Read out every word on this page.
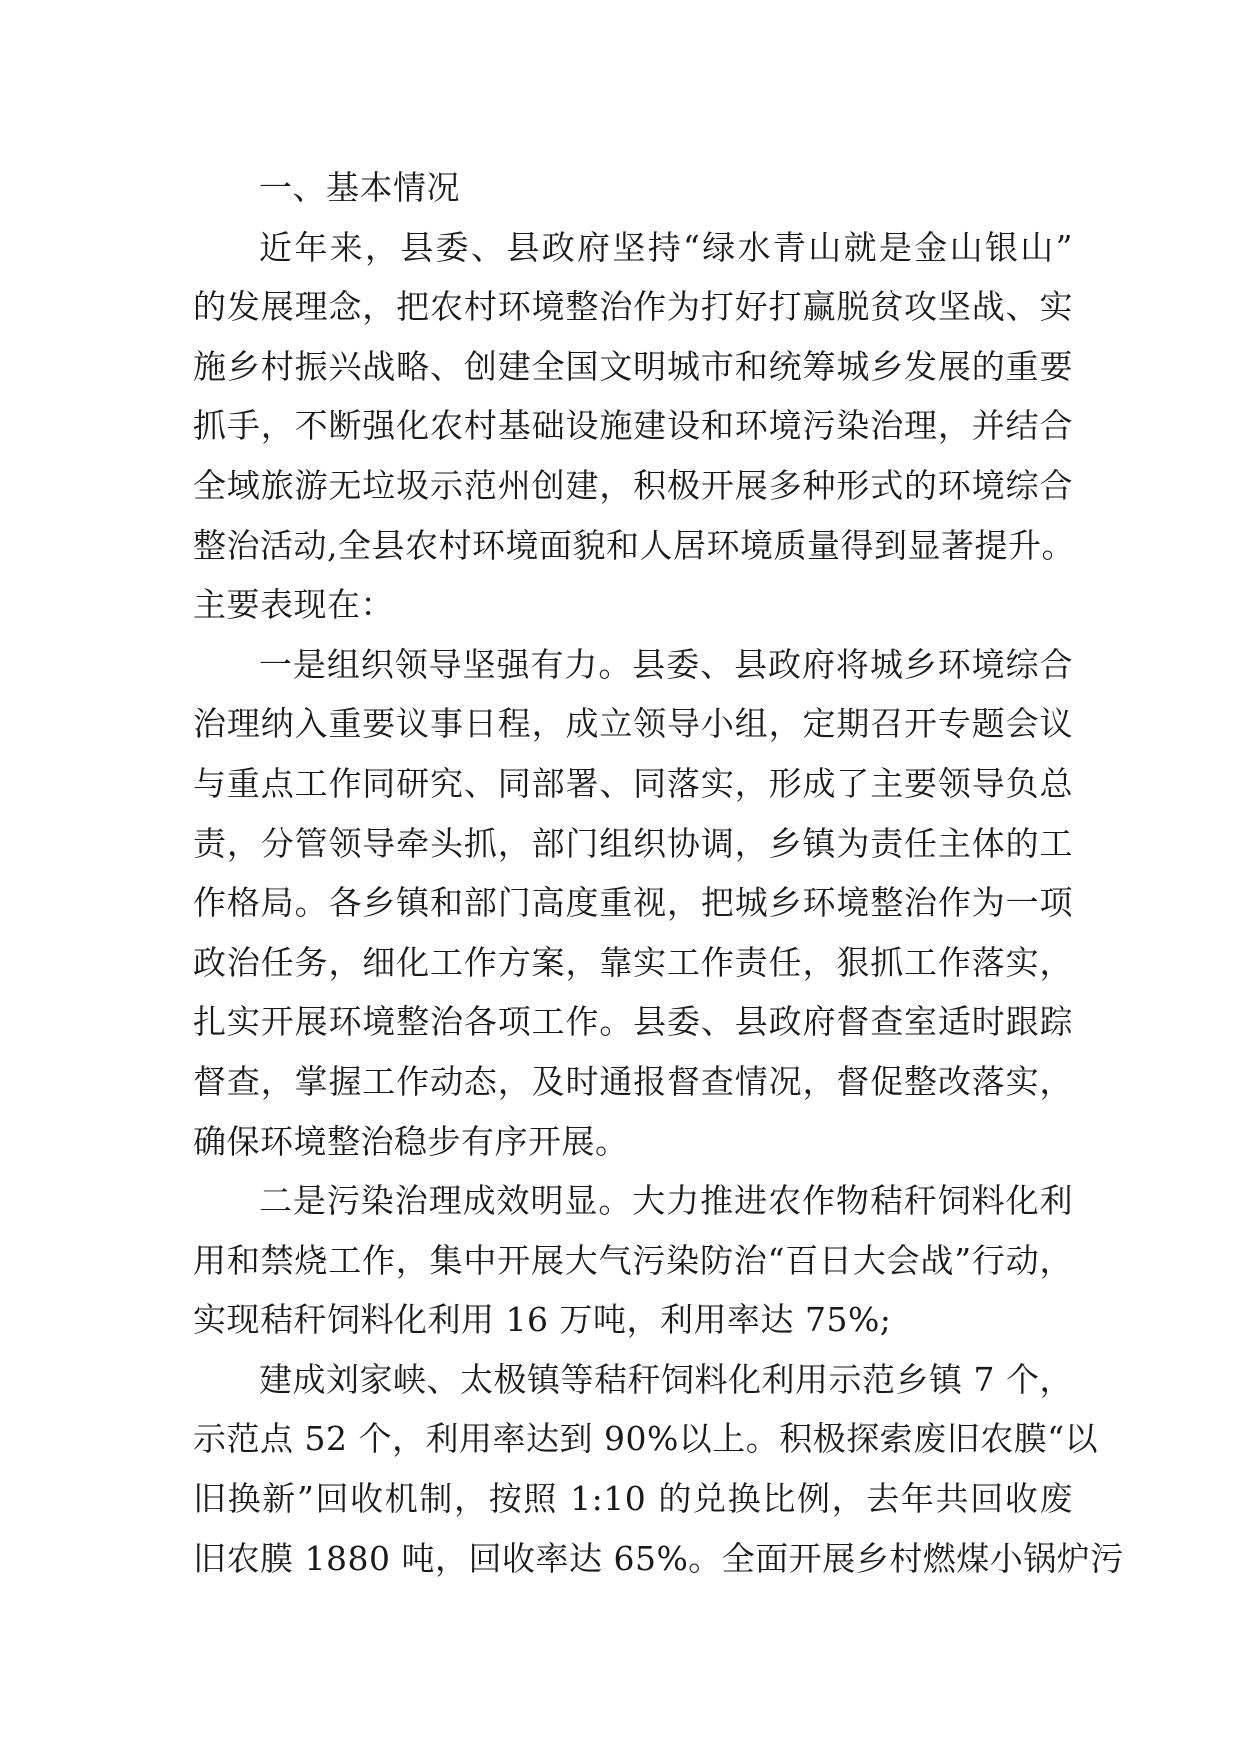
一、基本情况
近年来，县委、县政府坚持“绿水青山就是金山银山”
的发展理念，把农村环境整治作为打好打赢脱贫攻坚战、实
施乡村振兴战略、创建全国文明城市和统筹城乡发展的重要
抓手，不断强化农村基础设施建设和环境污染治理，并结合
全域旅游无垃圾示范州创建，积极开展多种形式的环境综合
整治活动,全县农村环境面貌和人居环境质量得到显著提升。
主要表现在：
一是组织领导坚强有力。县委、县政府将城乡环境综合
治理纳入重要议事日程，成立领导小组，定期召开专题会议
与重点工作同研究、同部署、同落实，形成了主要领导负总
责，分管领导牵头抓，部门组织协调，乡镇为责任主体的工
作格局。各乡镇和部门高度重视，把城乡环境整治作为一项
政治任务，细化工作方案，靠实工作责任，狠抓工作落实，
扎实开展环境整治各项工作。县委、县政府督查室适时跟踪
督查，掌握工作动态，及时通报督查情况，督促整改落实，
确保环境整治稳步有序开展。
二是污染治理成效明显。大力推进农作物秸秆饲料化利
用和禁烧工作，集中开展大气污染防治“百日大会战”行动，
实现秸秆饲料化利用 16 万吨，利用率达 75%;
建成刘家峡、太极镇等秸秆饲料化利用示范乡镇 7 个，
示范点 52 个，利用率达到 90%以上。积极探索废旧农膜“以
旧换新”回收机制，按照 1:10 的兑换比例，去年共回收废
旧农膜 1880 吨，回收率达 65%。全面开展乡村燃煤小锅炉污
